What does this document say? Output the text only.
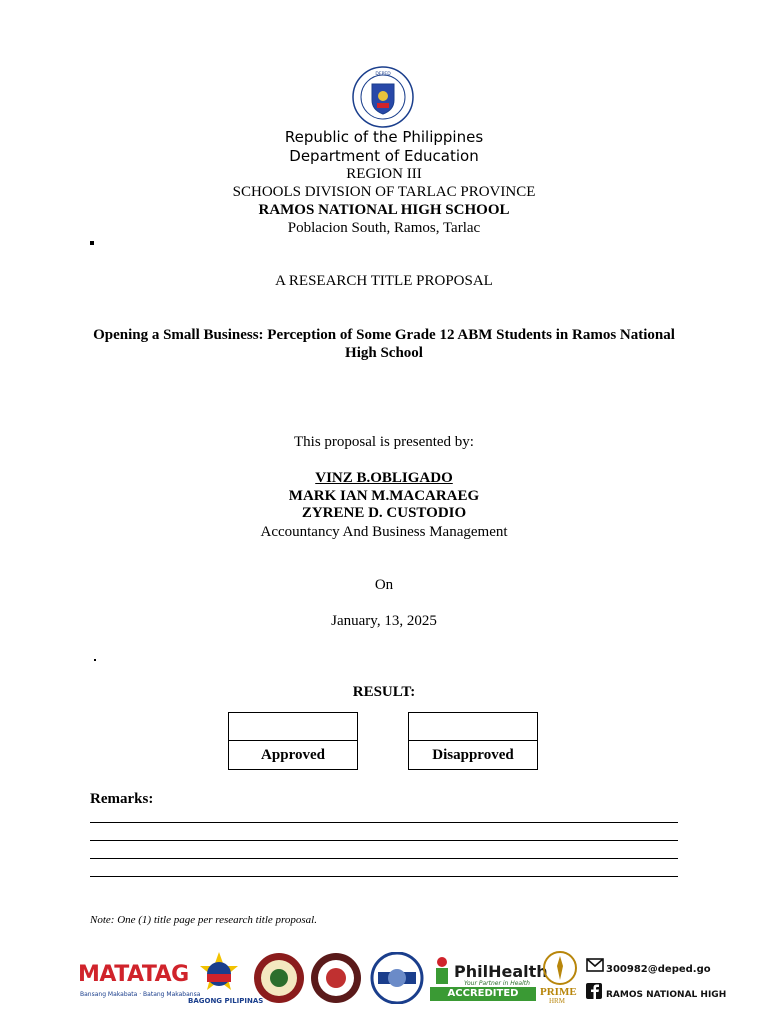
DEPED
Republic of the Philippines
Department of Education
REGION III
SCHOOLS DIVISION OF TARLAC PROVINCE
RAMOS NATIONAL HIGH SCHOOL
Poblacion South, Ramos, Tarlac
A RESEARCH TITLE PROPOSAL
Opening a Small Business: Perception of Some Grade 12 ABM Students in Ramos National
High School
This proposal is presented by:
VINZ B.OBLIGADO
MARK IAN M.MACARAEG
ZYRENE D. CUSTODIO
Accountancy And Business Management
On
January, 13, 2025
RESULT:
Approved	Disapproved
Remarks:
Note: One (1) title page per research title proposal.
MATATAG
Bansang Makabata · Batang Makabansa
BAGONG PILIPINAS
PhilHealth
Your Partner in Health
ACCREDITED	PRIME
HRM
300982@deped.go
RAMOS NATIONAL HIGH
